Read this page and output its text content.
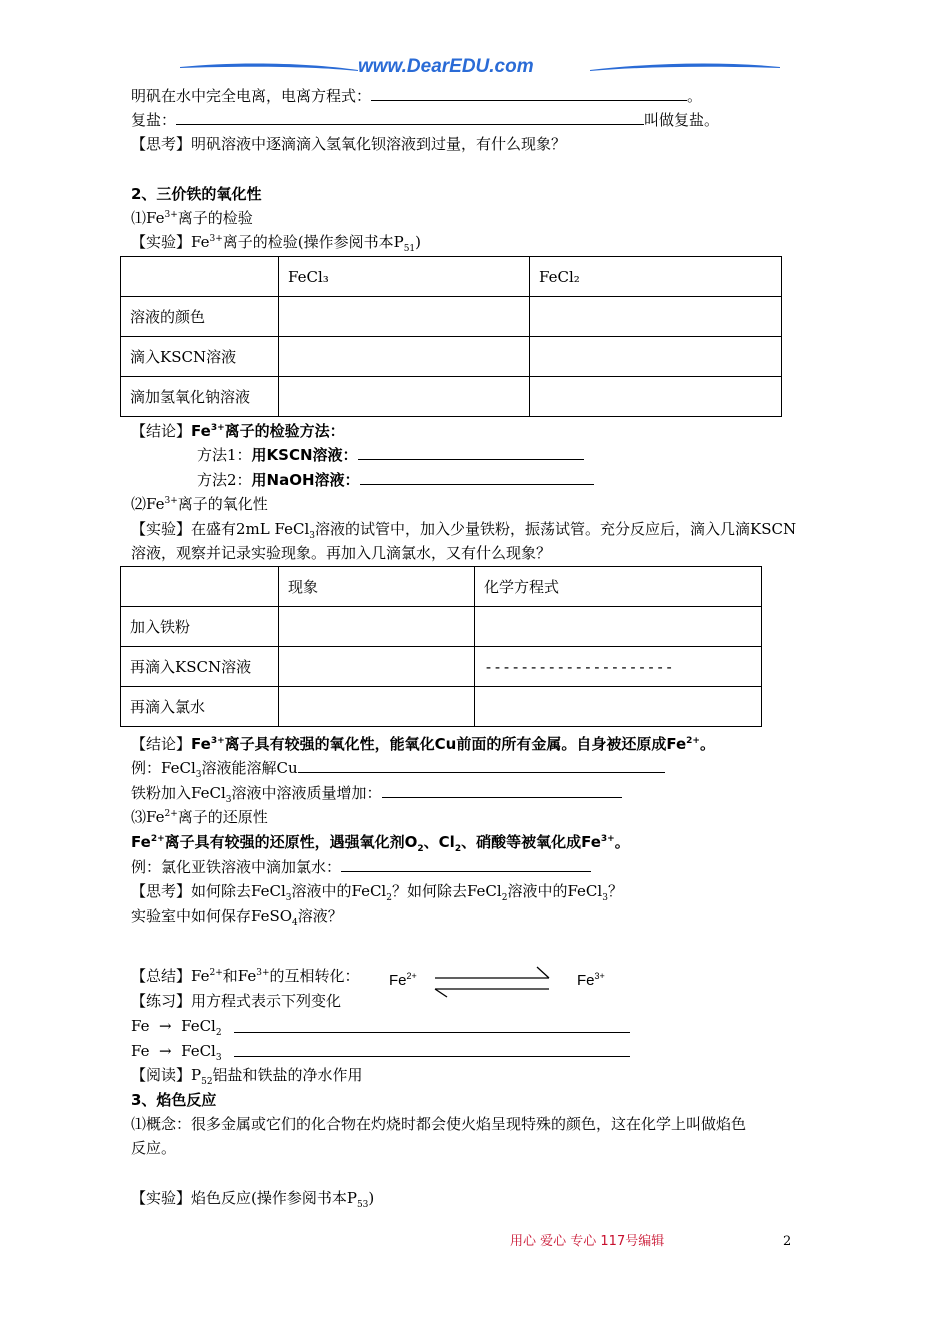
www.DearEDU.com
明矾在水中完全电离，电离方程式：	。
复盐：	叫做复盐。
【思考】明矾溶液中逐滴滴入氢氧化钡溶液到过量，有什么现象？
2、三价铁的氧化性
$⑴Fe^{3+}$离子的检验
【实验】$Fe^{3+}$离子的检验(操作参阅书本$P_{51}$)
	FeCl₃	FeCl₂
溶液的颜色		
滴入KSCN溶液		
滴加氢氧化钠溶液		
【结论】$Fe^{3+}$离子的检验方法：
方法1：用KSCN溶液：
方法2：用NaOH溶液：
$⑵Fe^{3+}$离子的氧化性
【实验】在盛有2mL FeCl$_3$溶液的试管中，加入少量铁粉，振荡试管。充分反应后，滴入几滴KSCN
溶液，观察并记录实验现象。再加入几滴氯水，又有什么现象？
	现象	化学方程式
加入铁粉		
再滴入KSCN溶液		---------------------
再滴入氯水		
【结论】$Fe^{3+}$离子具有较强的氧化性，能氧化Cu前面的所有金属。自身被还原成$Fe^{2+}$。
例：FeCl$_3$溶液能溶解Cu
铁粉加入FeCl$_3$溶液中溶液质量增加：
$⑶Fe^{2+}$离子的还原性
$Fe^{2+}$离子具有较强的还原性，遇强氧化剂$O_2$、$Cl_2$、硝酸等被氧化成$Fe^{3+}$。
例：氯化亚铁溶液中滴加氯水：
【思考】如何除去FeCl$_3$溶液中的FeCl$_2$？如何除去FeCl$_2$溶液中的FeCl$_3$？
实验室中如何保存FeSO$_4$溶液？
【总结】$Fe^{2+}$和$Fe^{3+}$的互相转化： $Fe^{2+}$	$Fe^{3+}$
【练习】用方程式表示下列变化
Fe  →  FeCl$_2$
Fe  →  FeCl$_3$
【阅读】$P_{52}$铝盐和铁盐的净水作用
3、焰色反应
⑴概念：很多金属或它们的化合物在灼烧时都会使火焰呈现特殊的颜色，这在化学上叫做焰色
反应。
【实验】焰色反应(操作参阅书本$P_{53}$)
用心 爱心 专心 117号编辑	2
